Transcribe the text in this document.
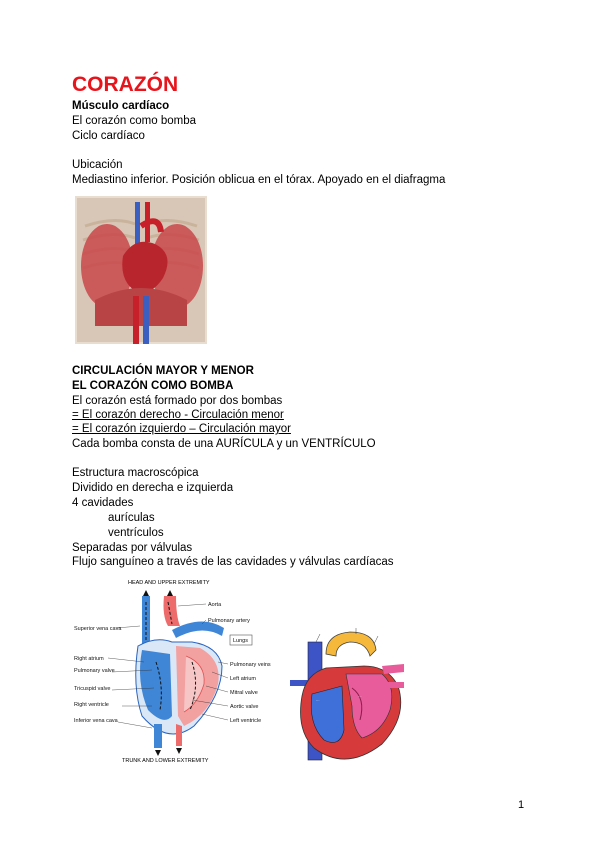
CORAZÓN
Músculo cardíaco
El corazón como bomba
Ciclo cardíaco
Ubicación
Mediastino inferior. Posición oblicua en el tórax. Apoyado en el diafragma
CIRCULACIÓN MAYOR Y MENOR
EL CORAZÓN COMO BOMBA
El corazón está formado por dos bombas
= El corazón derecho - Circulación menor
= El corazón izquierdo – Circulación mayor
Cada bomba consta de una AURÍCULA y un VENTRÍCULO
Estructura macroscópica
Dividido en derecha e izquierda
4 cavidades
aurículas
ventrículos
Separadas por válvulas
Flujo sanguíneo a través de las cavidades y válvulas cardíacas
HEAD AND UPPER EXTREMITY
TRUNK AND LOWER EXTREMITY
Lungs
Aorta
Pulmonary artery
Pulmonary veins
Left atrium
Mitral valve
Aortic valve
Left ventricle
Superior vena cava
Right atrium
Pulmonary valve
Tricuspid valve
Right ventricle
Inferior vena cava
···
···
1
